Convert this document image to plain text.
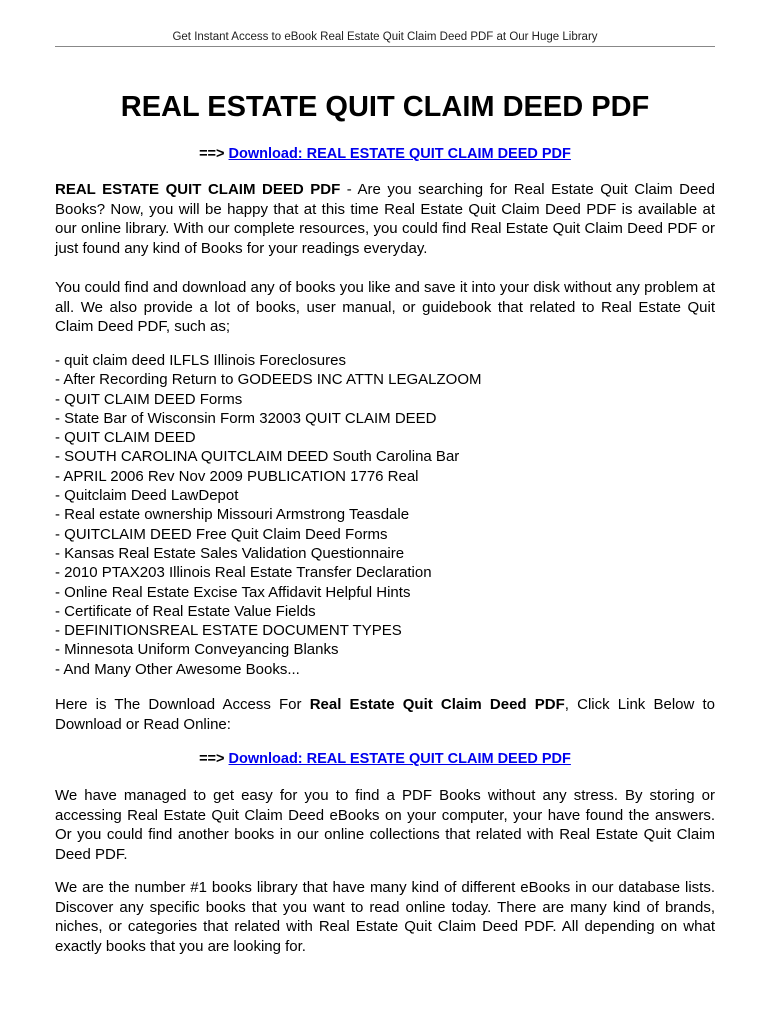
Get Instant Access to eBook Real Estate Quit Claim Deed PDF at Our Huge Library
REAL ESTATE QUIT CLAIM DEED PDF
==> Download: REAL ESTATE QUIT CLAIM DEED PDF

REAL ESTATE QUIT CLAIM DEED PDF - Are you searching for Real Estate Quit Claim Deed Books? Now, you will be happy that at this time Real Estate Quit Claim Deed PDF is available at our online library. With our complete resources, you could find Real Estate Quit Claim Deed PDF or just found any kind of Books for your readings everyday.

You could find and download any of books you like and save it into your disk without any problem at all. We also provide a lot of books, user manual, or guidebook that related to Real Estate Quit Claim Deed PDF, such as;

- quit claim deed ILFLS Illinois Foreclosures
- After Recording Return to GODEEDS INC ATTN LEGALZOOM
- QUIT CLAIM DEED Forms
- State Bar of Wisconsin Form 32003 QUIT CLAIM DEED
- QUIT CLAIM DEED
- SOUTH CAROLINA QUITCLAIM DEED South Carolina Bar
- APRIL 2006 Rev Nov 2009 PUBLICATION 1776 Real
- Quitclaim Deed LawDepot
- Real estate ownership Missouri Armstrong Teasdale
- QUITCLAIM DEED Free Quit Claim Deed Forms
- Kansas Real Estate Sales Validation Questionnaire
- 2010 PTAX203 Illinois Real Estate Transfer Declaration
- Online Real Estate Excise Tax Affidavit Helpful Hints
- Certificate of Real Estate Value Fields
- DEFINITIONSREAL ESTATE DOCUMENT TYPES
- Minnesota Uniform Conveyancing Blanks
- And Many Other Awesome Books...

Here is The Download Access For Real Estate Quit Claim Deed PDF, Click Link Below to Download or Read Online:

==> Download: REAL ESTATE QUIT CLAIM DEED PDF

We have managed to get easy for you to find a PDF Books without any stress. By storing or accessing Real Estate Quit Claim Deed eBooks on your computer, your have found the answers. Or you could find another books in our online collections that related with Real Estate Quit Claim Deed PDF.

We are the number #1 books library that have many kind of different eBooks in our database lists. Discover any specific books that you want to read online today. There are many kind of brands, niches, or categories that related with Real Estate Quit Claim Deed PDF. All depending on what exactly books that you are looking for.
